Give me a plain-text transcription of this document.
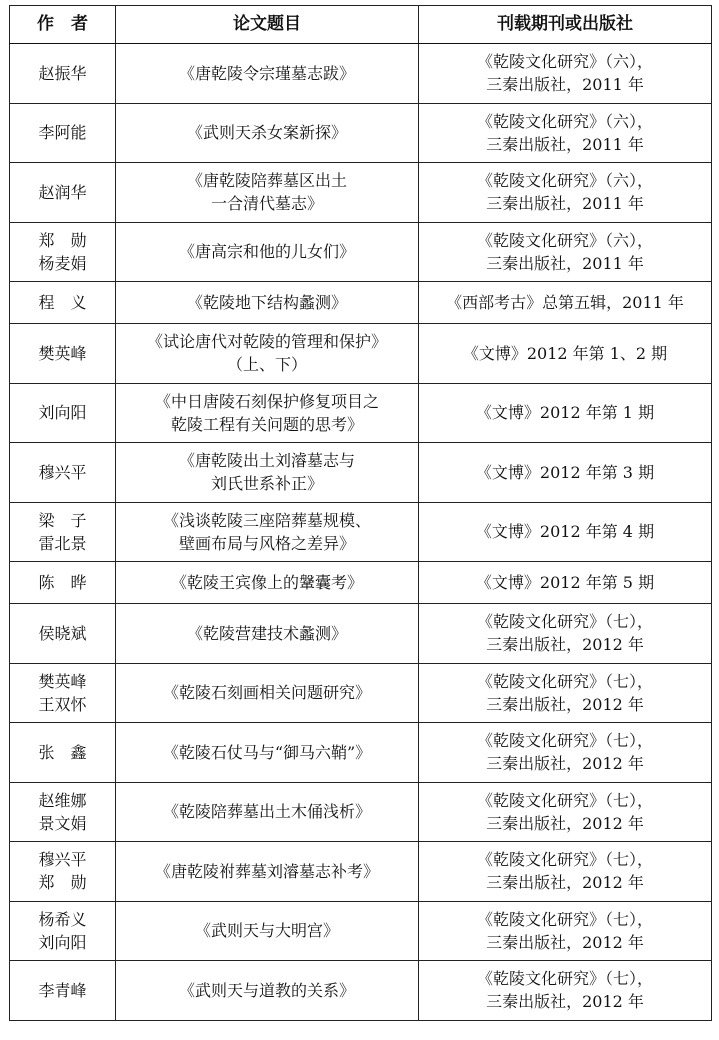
作　者	论文题目	刊载期刊或出版社

赵振华	《唐乾陵令宗瑾墓志跋》	《乾陵文化研究》（六），
三秦出版社，2011 年

李阿能	《武则天杀女案新探》	《乾陵文化研究》（六），
三秦出版社，2011 年

赵润华	《唐乾陵陪葬墓区出土
一合清代墓志》	《乾陵文化研究》（六），
三秦出版社，2011 年

郑　勋
杨麦娟	《唐高宗和他的儿女们》	《乾陵文化研究》（六），
三秦出版社，2011 年

程　义	《乾陵地下结构蠡测》	《西部考古》总第五辑，2011 年

樊英峰	《试论唐代对乾陵的管理和保护》
（上、下）	《文博》2012 年第 1、2 期

刘向阳	《中日唐陵石刻保护修复项目之
乾陵工程有关问题的思考》	《文博》2012 年第 1 期

穆兴平	《唐乾陵出土刘濬墓志与
刘氏世系补正》	《文博》2012 年第 3 期

梁　子
雷北景	《浅谈乾陵三座陪葬墓规模、
壁画布局与风格之差异》	《文博》2012 年第 4 期

陈　晔	《乾陵王宾像上的鞶囊考》	《文博》2012 年第 5 期

侯晓斌	《乾陵营建技术蠡测》	《乾陵文化研究》（七），
三秦出版社，2012 年

樊英峰
王双怀	《乾陵石刻画相关问题研究》	《乾陵文化研究》（七），
三秦出版社，2012 年

张　鑫	《乾陵石仗马与“御马六鞘”》	《乾陵文化研究》（七），
三秦出版社，2012 年

赵维娜
景文娟	《乾陵陪葬墓出土木俑浅析》	《乾陵文化研究》（七），
三秦出版社，2012 年

穆兴平
郑　勋	《唐乾陵祔葬墓刘濬墓志补考》	《乾陵文化研究》（七），
三秦出版社，2012 年

杨希义
刘向阳	《武则天与大明宫》	《乾陵文化研究》（七），
三秦出版社，2012 年

李青峰	《武则天与道教的关系》	《乾陵文化研究》（七），
三秦出版社，2012 年
